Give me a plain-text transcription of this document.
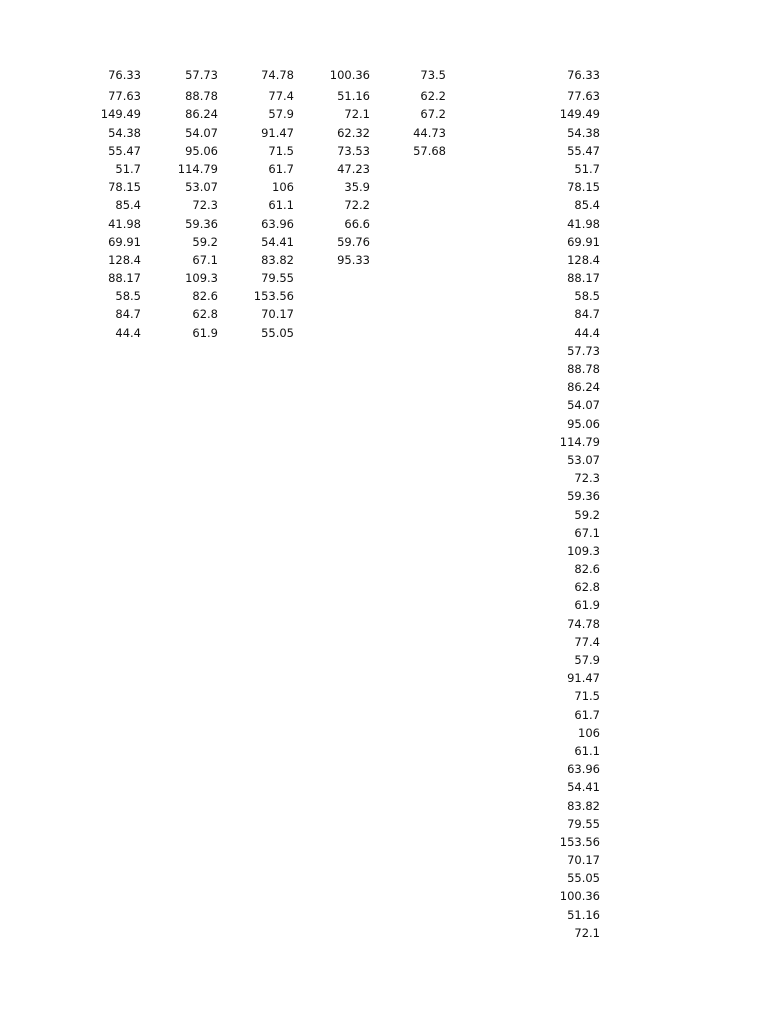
76.33
77.63
149.49
54.38
55.47
51.7
78.15
85.4
41.98
69.91
128.4
88.17
58.5
84.7
44.4
57.73
88.78
86.24
54.07
95.06
114.79
53.07
72.3
59.36
59.2
67.1
109.3
82.6
62.8
61.9
74.78
77.4
57.9
91.47
71.5
61.7
106
61.1
63.96
54.41
83.82
79.55
153.56
70.17
55.05
100.36
51.16
72.1
62.32
73.53
47.23
35.9
72.2
66.6
59.76
95.33
73.5
62.2
67.2
44.73
57.68
76.33
77.63
149.49
54.38
55.47
51.7
78.15
85.4
41.98
69.91
128.4
88.17
58.5
84.7
44.4
57.73
88.78
86.24
54.07
95.06
114.79
53.07
72.3
59.36
59.2
67.1
109.3
82.6
62.8
61.9
74.78
77.4
57.9
91.47
71.5
61.7
106
61.1
63.96
54.41
83.82
79.55
153.56
70.17
55.05
100.36
51.16
72.1
